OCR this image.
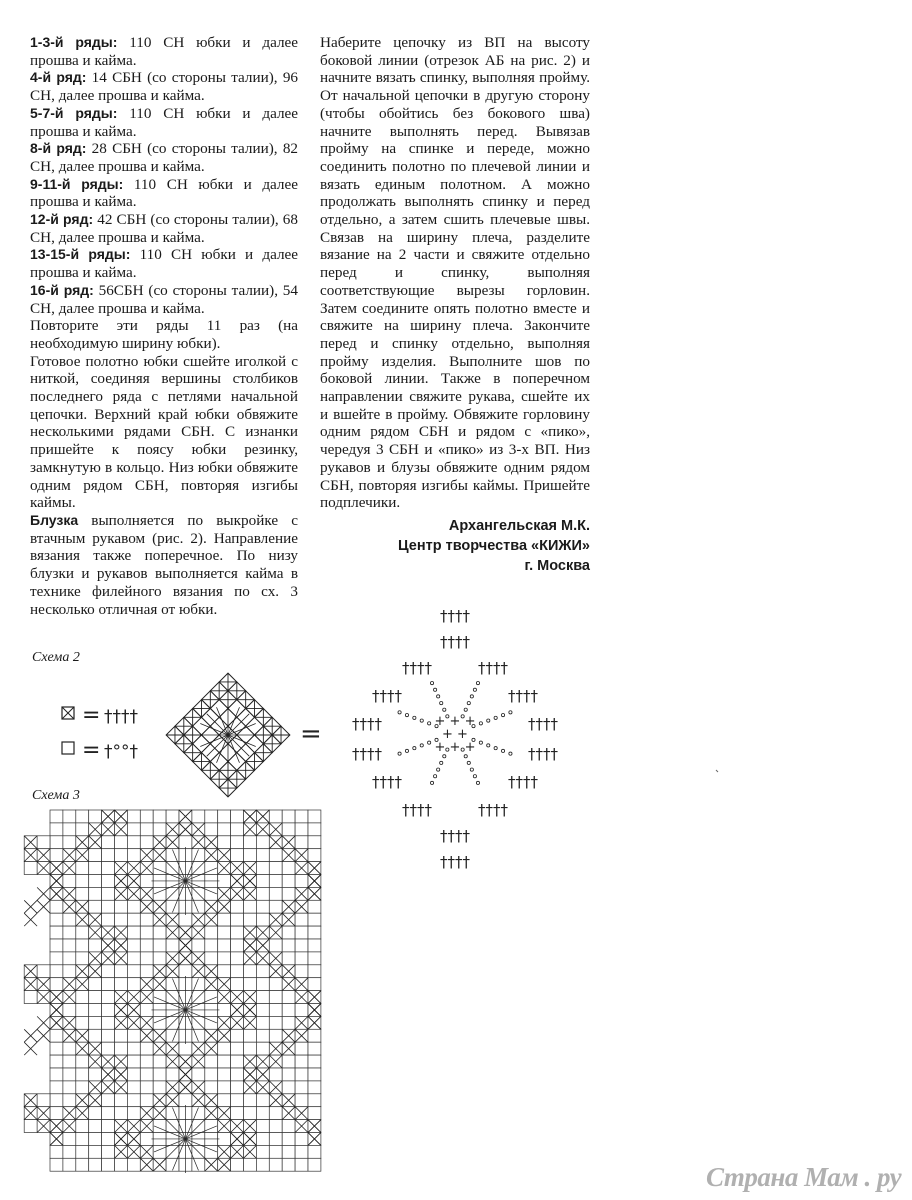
1-3-й ряды: 110 СН юбки и далее прошва и кайма.

4-й ряд: 14 СБН (со стороны талии), 96 СН, далее прошва и кайма.

5-7-й ряды: 110 СН юбки и далее прошва и кайма.

8-й ряд: 28 СБН (со стороны талии), 82 СН, далее прошва и кайма.

9-11-й ряды: 110 СН юбки и далее прошва и кайма.

12-й ряд: 42 СБН (со стороны талии), 68 СН, далее прошва и кайма.

13-15-й ряды: 110 СН юбки и далее прошва и кайма.

16-й ряд: 56СБН (со стороны талии), 54 СН, далее прошва и кайма.

Повторите эти ряды 11 раз (на необходимую ширину юбки).

Готовое полотно юбки сшейте иголкой с ниткой, соединяя вершины столбиков последнего ряда с петлями начальной цепочки. Верхний край юбки обвяжите несколькими рядами СБН. С изнанки пришейте к поясу юбки резинку, замкнутую в кольцо. Низ юбки обвяжите одним рядом СБН, повторяя изгибы каймы.

Блузка выполняется по выкройке с втачным рукавом (рис. 2). Направление вязания также поперечное. По низу блузки и рукавов выполняется кайма в технике филейного вязания по сх. 3 несколько отличная от юбки.

Наберите цепочку из ВП на высоту боковой линии (отрезок АБ на рис. 2) и начните вязать спинку, выполняя пройму. От начальной цепочки в другую сторону (чтобы обойтись без бокового шва) начните выполнять перед. Вывязав пройму на спинке и переде, можно соединить полотно по плечевой линии и вязать единым полотном. А можно продолжать выполнять спинку и перед отдельно, а затем сшить плечевые швы. Связав на ширину плеча, разделите вязание на 2 части и свяжите отдельно перед и спинку, выполняя соответствующие вырезы горловин. Затем соедините опять полотно вместе и свяжите на ширину плеча. Закончите перед и спинку отдельно, выполняя пройму изделия. Выполните шов по боковой линии. Также в поперечном направлении свяжите рукава, сшейте их и вшейте в пройму. Обвяжите горловину одним рядом СБН и рядом с «пико», чередуя 3 СБН и «пико» из 3-х ВП. Низ рукавов и блузы обвяжите одним рядом СБН, повторяя изгибы каймы. Пришейте подплечики.

Архангельская М.К.
Центр творчества «КИЖИ»
г. Москва
Схема 2
Схема 3
= ††††
= †°°†
=
††††
††††
††††	††††
††††	††††
††††	††††
††††	††††
††††	††††
††††	††††
††††
††††
+ + +
+ + +
+ +
Страна Мам . ру
